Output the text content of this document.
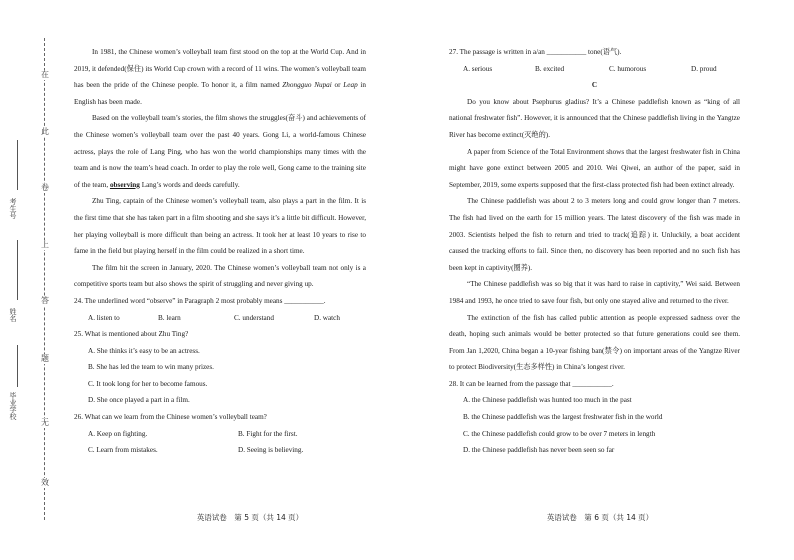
在
此
卷
上
答
题
无
效
考生号
姓名
毕业学校

In 1981, the Chinese women’s volleyball team first stood on the top at the World Cup. And in 2019, it defended(保住) its World Cup crown with a record of 11 wins. The women’s volleyball team has been the pride of the Chinese people. To honor it, a film named Zhongguo Nupai or Leap in English has been made.

Based on the volleyball team’s stories, the film shows the struggles(奋斗) and achievements of the Chinese women’s volleyball team over the past 40 years. Gong Li, a world-famous Chinese actress, plays the role of Lang Ping, who has won the world championships many times with the team and is now the team’s head coach. In order to play the role well, Gong came to the training site of the team, observing Lang’s words and deeds carefully.

Zhu Ting, captain of the Chinese women’s volleyball team, also plays a part in the film. It is the first time that she has taken part in a film shooting and she says it’s a little bit difficult. However, her playing volleyball is more difficult than being an actress. It took her at least 10 years to rise to fame in the field but playing herself in the film could be realized in a short time.

The film hit the screen in January, 2020. The Chinese women’s volleyball team not only is a competitive sports team but also shows the spirit of struggling and never giving up.

24. The underlined word “observe” in Paragraph 2 most probably means ___________.

A. listen to	B. learn	C. understand	D. watch

25. What is mentioned about Zhu Ting?

A. She thinks it’s easy to be an actress.

B. She has led the team to win many prizes.

C. It took long for her to become famous.

D. She once played a part in a film.

26. What can we learn from the Chinese women’s volleyball team?

A. Keep on fighting.	B. Fight for the first.
C. Learn from mistakes.	D. Seeing is believing.
英语试卷　第 5 页（共 14 页）

27. The passage is written in a/an ___________ tone(语气).

A. serious	B. excited	C. humorous	D. proud

C

Do you know about Psephurus gladius? It’s a Chinese paddlefish known as “king of all national freshwater fish”. However, it is announced that the Chinese paddlefish living in the Yangtze River has become extinct(灭绝的).

A paper from Science of the Total Environment shows that the largest freshwater fish in China might have gone extinct between 2005 and 2010. Wei Qiwei, an author of the paper, said in September, 2019, some experts supposed that the first-class protected fish had been extinct already.

The Chinese paddlefish was about 2 to 3 meters long and could grow longer than 7 meters. The fish had lived on the earth for 15 million years. The latest discovery of the fish was made in 2003. Scientists helped the fish to return and tried to track(追踪) it. Unluckily, a boat accident caused the tracking efforts to fail. Since then, no discovery has been reported and no such fish has been kept in captivity(圈养).

“The Chinese paddlefish was so big that it was hard to raise in captivity,” Wei said. Between 1984 and 1993, he once tried to save four fish, but only one stayed alive and returned to the river.

The extinction of the fish has called public attention as people expressed sadness over the death, hoping such animals would be better protected so that future generations could see them. From Jan 1,2020, China began a 10-year fishing ban(禁令) on important areas of the Yangtze River to protect Biodiversity(生态多样性) in China’s longest river.

28. It can be learned from the passage that ___________.

A. the Chinese paddlefish was hunted too much in the past

B. the Chinese paddlefish was the largest freshwater fish in the world

C. the Chinese paddlefish could grow to be over 7 meters in length

D. the Chinese paddlefish has never been seen so far

英语试卷　第 6 页（共 14 页）
